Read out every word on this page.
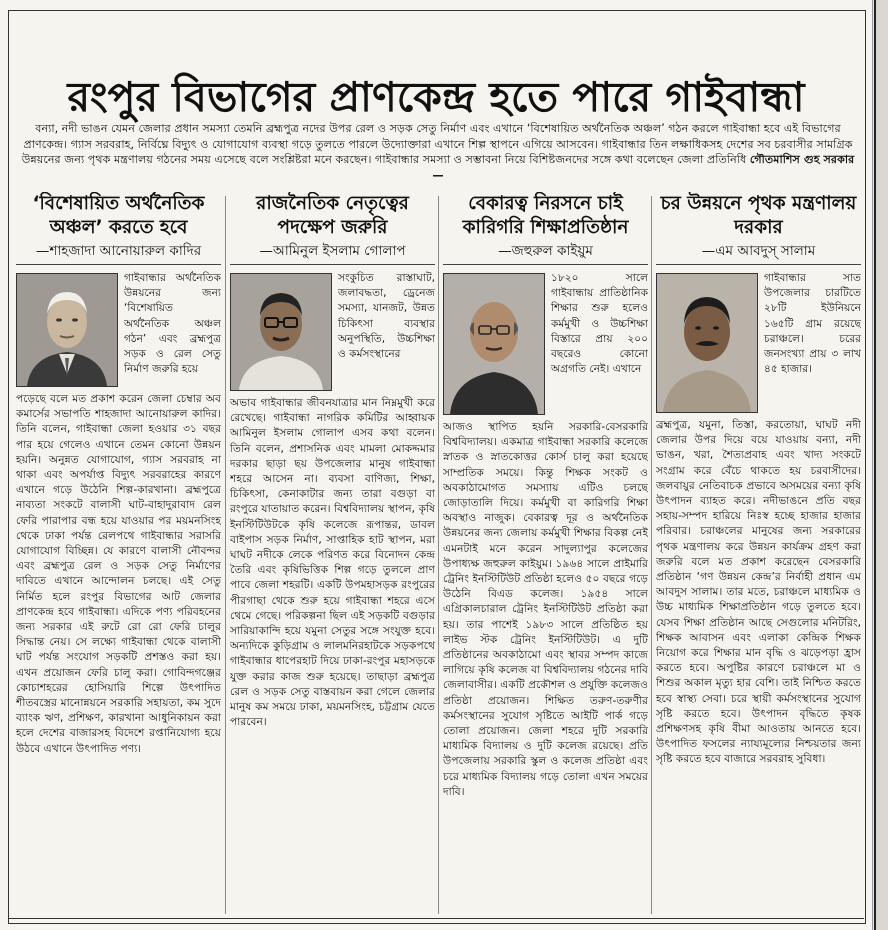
রংপুর বিভাগের প্রাণকেন্দ্র হতে পারে গাইবান্ধা

বন্যা, নদী ভাঙন যেমন জেলার প্রধান সমস্যা তেমনি ব্রহ্মপুত্র নদের উপর রেল ও সড়ক সেতু নির্মাণ এবং এখানে ‘বিশেষায়িত অর্থনৈতিক অঞ্চল’ গঠন করলে গাইবান্ধা হবে এই বিভাগের প্রাণকেন্দ্র। গ্যাস সরবরাহ, নির্বিঘ্নে বিদ্যুৎ ও যোগাযোগ ব্যবস্থা গড়ে তুলতে পারলে উদ্যোক্তারা এখানে শিল্প স্থাপনে এগিয়ে আসবেন। গাইবান্ধার তিন লক্ষাধিকসহ দেশের সব চরবাসীর সামগ্রিক উন্নয়নের জন্য পৃথক মন্ত্রণালয় গঠনের সময় এসেছে বলে সংশ্লিষ্টরা মনে করছেন। গাইবান্ধার সমস্যা ও সম্ভাবনা নিয়ে বিশিষ্টজনদের সঙ্গে কথা বলেছেন জেলা প্রতিনিধি গৌতমাশিস গুহ সরকার—

‘বিশেষায়িত অর্থনৈতিক অঞ্চল’ করতে হবে
—শাহজাদা আনোয়ারুল কাদির

গাইবান্ধার অর্থনৈতিক উন্নয়নের জন্য ‘বিশেষায়িত অর্থনৈতিক অঞ্চল গঠন’ এবং ব্রহ্মপুত্র সড়ক ও রেল সেতু নির্মাণ জরুরি হয়ে

পড়েছে বলে মত প্রকাশ করেন জেলা চেম্বার অব কমার্সের সভাপতি শাহজাদা আনোয়ারুল কাদির। তিনি বলেন, গাইবান্ধা জেলা হওয়ার ৩১ বছর পার হয়ে গেলেও এখানে তেমন কোনো উন্নয়ন হয়নি। অনুন্নত যোগাযোগ, গ্যাস সরবরাহ না থাকা এবং অপর্যাপ্ত বিদ্যুৎ সরবরাহের কারণে এখানে গড়ে উঠেনি শিল্প-কারখানা। ব্রহ্মপুত্রে নাব্যতা সংকটে বালাসী ঘাট-বাহাদুরাবাদ রেল ফেরি পারাপার বন্ধ হয়ে যাওয়ার পর ময়মনসিংহ থেকে ঢাকা পর্যন্ত রেলপথে গাইবান্ধার সরাসরি যোগাযোগ বিচ্ছিন্ন। যে কারণে বালাসী নৌবন্দর এবং ব্রহ্মপুত্র রেল ও সড়ক সেতু নির্মাণের দাবিতে এখানে আন্দোলন চলছে। এই সেতু নির্মিত হলে রংপুর বিভাগের আট জেলার প্রাণকেন্দ্র হবে গাইবান্ধা। এদিকে পণ্য পরিবহনের জন্য সরকার এই রুটে রো রো ফেরি চালুর সিদ্ধান্ত নেয়। সে লক্ষ্যে গাইবান্ধা থেকে বালাসী ঘাট পর্যন্ত সংযোগ সড়কটি প্রশস্তও করা হয়। এখন প্রয়োজন ফেরি চালু করা। গোবিন্দগঞ্জের কোচাশহরের হোসিয়ারি শিল্পে উৎপাদিত শীতবস্ত্রের মানোন্নয়নে সরকারি সহায়তা, কম সুদে ব্যাংক ঋণ, প্রশিক্ষণ, কারখানা আধুনিকায়ন করা হলে দেশের বাজারসহ বিদেশে রপ্তানিযোগ্য হয়ে উঠবে এখানে উৎপাদিত পণ্য।

রাজনৈতিক নেতৃত্বের পদক্ষেপ জরুরি
—আমিনুল ইসলাম গোলাপ

সংকুচিত রাস্তাঘাট, জলাবদ্ধতা, ড্রেনেজ সমস্যা, যানজট, উন্নত চিকিৎসা ব্যবস্থার অনুপস্থিতি, উচ্চশিক্ষা ও কর্মসংস্থানের

অভাব গাইবান্ধার জীবনযাত্রার মান নিম্নমুখী করে রেখেছে। গাইবান্ধা নাগরিক কমিটির আহ্বায়ক আমিনুল ইসলাম গোলাপ এসব কথা বলেন। তিনি বলেন, প্রশাসনিক এবং মামলা মোকদ্দমার দরকার ছাড়া ছয় উপজেলার মানুষ গাইবান্ধা শহরে আসেন না। ব্যবসা বাণিজ্য, শিক্ষা, চিকিৎসা, কেনাকাটার জন্য তারা বগুড়া বা রংপুরে যাতায়াত করেন। বিশ্ববিদ্যালয় স্থাপন, কৃষি ইনস্টিটিউটকে কৃষি কলেজে রূপান্তর, ডাবল বাইপাস সড়ক নির্মাণ, সাপ্তাহিক হাট স্থাপন, মরা ঘাঘট নদীকে লেকে পরিণত করে বিনোদন কেন্দ্র তৈরি এবং কৃষিভিত্তিক শিল্প গড়ে তুললে প্রাণ পাবে জেলা শহরটি। একটি উপমহাসড়ক রংপুরের পীরগাছা থেকে শুরু হয়ে গাইবান্ধা শহরে এসে থেমে গেছে। পরিকল্পনা ছিল এই সড়কটি বগুড়ার সারিয়াকান্দি হয়ে যমুনা সেতুর সঙ্গে সংযুক্ত হবে। অন্যদিকে কুড়িগ্রাম ও লালমনিরহাটকে সড়কপথে গাইবান্ধার ধাপেরহাট দিয়ে ঢাকা-রংপুর মহাসড়কে যুক্ত করার কাজ শুরু হয়েছে। তাছাড়া ব্রহ্মপুত্র রেল ও সড়ক সেতু বাস্তবায়ন করা গেলে জেলার মানুষ কম সময়ে ঢাকা, ময়মনসিংহ, চট্টগ্রাম যেতে পারবেন।

বেকারত্ব নিরসনে চাই কারিগরি শিক্ষাপ্রতিষ্ঠান
—জহুরুল কাইয়ুম

১৮২০ সালে গাইবান্ধায় প্রাতিষ্ঠানিক শিক্ষার শুরু হলেও কর্মমুখী ও উচ্চশিক্ষা বিস্তারে প্রায় ২০০ বছরেও কোনো অগ্রগতি নেই। এখানে

আজও স্থাপিত হয়নি সরকারি-বেসরকারি বিশ্ববিদ্যালয়। একমাত্র গাইবান্ধা সরকারি কলেজে স্নাতক ও স্নাতকোত্তর কোর্স চালু করা হয়েছে সাম্প্রতিক সময়ে। কিন্তু শিক্ষক সংকট ও অবকাঠামোগত সমস্যায় এটিও চলছে জোড়াতালি দিয়ে। কর্মমুখী বা কারিগরি শিক্ষা অবস্থাও নাজুক। বেকারত্ব দূর ও অর্থনৈতিক উন্নয়নের জন্য জেলায় কর্মমুখী শিক্ষার বিকল্প নেই এমনটাই মনে করেন সাদুল্যাপুর কলেজের উপাধ্যক্ষ জহুরুল কাইয়ুম। ১৯৬৪ সালে প্রাইমারি ট্রেনিং ইনস্টিটিউট প্রতিষ্ঠা হলেও ৫০ বছরে গড়ে উঠেনি বিএড কলেজ। ১৯৫৪ সালে এগ্রিকালচারাল ট্রেনিং ইনস্টিটিউট প্রতিষ্ঠা করা হয়। তার পাশেই ১৯৮৩ সালে প্রতিষ্ঠিত হয় লাইভ স্টক ট্রেনিং ইনস্টিটিউট। এ দুটি প্রতিষ্ঠানের অবকাঠামো এবং স্থাবর সম্পদ কাজে লাগিয়ে কৃষি কলেজ বা বিশ্ববিদ্যালয় গঠনের দাবি জেলাবাসীর। একটি প্রকৌশল ও প্রযুক্তি কলেজও প্রতিষ্ঠা প্রয়োজন। শিক্ষিত তরুণ-তরুণীর কর্মসংস্থানের সুযোগ সৃষ্টিতে আইটি পার্ক গড়ে তোলা প্রয়োজন। জেলা শহরে দুটি সরকারি মাধ্যমিক বিদ্যালয় ও দুটি কলেজ রয়েছে। প্রতি উপজেলায় সরকারি স্কুল ও কলেজ প্রতিষ্ঠা এবং চরে মাধ্যমিক বিদ্যালয় গড়ে তোলা এখন সময়ের দাবি।

চর উন্নয়নে পৃথক মন্ত্রণালয় দরকার
—এম আবদুস্ সালাম

গাইবান্ধার সাত উপজেলার চারটিতে ২৮টি ইউনিয়নে ১৬৫টি গ্রাম রয়েছে চরাঞ্চলে। চরের জনসংখ্যা প্রায় ৩ লাখ ৪৫ হাজার।

ব্রহ্মপুত্র, যমুনা, তিস্তা, করতোয়া, ঘাঘট নদী জেলার উপর দিয়ে বয়ে যাওয়ায় বন্যা, নদী ভাঙন, খরা, শৈত্যপ্রবাহ এবং খাদ্য সংকটে সংগ্রাম করে বেঁচে থাকতে হয় চরবাসীদের। জলবায়ুর নেতিবাচক প্রভাবে অসময়ের বন্যা কৃষি উৎপাদন ব্যাহত করে। নদীভাঙনে প্রতি বছর সহায়-সম্পদ হারিয়ে নিঃস্ব হচ্ছে হাজার হাজার পরিবার। চরাঞ্চলের মানুষের জন্য সরকারের পৃথক মন্ত্রণালয় করে উন্নয়ন কার্যক্রম গ্রহণ করা জরুরি বলে মত প্রকাশ করেছেন বেসরকারি প্রতিষ্ঠান ‘গণ উন্নয়ন কেন্দ্র’র নির্বাহী প্রধান এম আবদুস সালাম। তার মতে, চরাঞ্চলে মাধ্যমিক ও উচ্চ মাধ্যমিক শিক্ষাপ্রতিষ্ঠান গড়ে তুলতে হবে। যেসব শিক্ষা প্রতিষ্ঠান আছে সেগুলোর মনিটরিং, শিক্ষক আবাসন এবং এলাকা কেন্দ্রিক শিক্ষক নিয়োগ করে শিক্ষার মান বৃদ্ধি ও ঝড়েপড়া হ্রাস করতে হবে। অপুষ্টির কারণে চরাঞ্চলে মা ও শিশুর অকাল মৃত্যু হার বেশি। তাই নিশ্চিত করতে হবে স্বাস্থ্য সেবা। চরে স্থায়ী কর্মসংস্থানের সুযোগ সৃষ্টি করতে হবে। উৎপাদন বৃদ্ধিতে কৃষক প্রশিক্ষণসহ কৃষি বীমা আওতায় আনতে হবে। উৎপাদিত ফসলের ন্যায্যমূল্যের নিশ্চয়তার জন্য সৃষ্টি করতে হবে বাজারে সরবরাহ সুবিধা।
